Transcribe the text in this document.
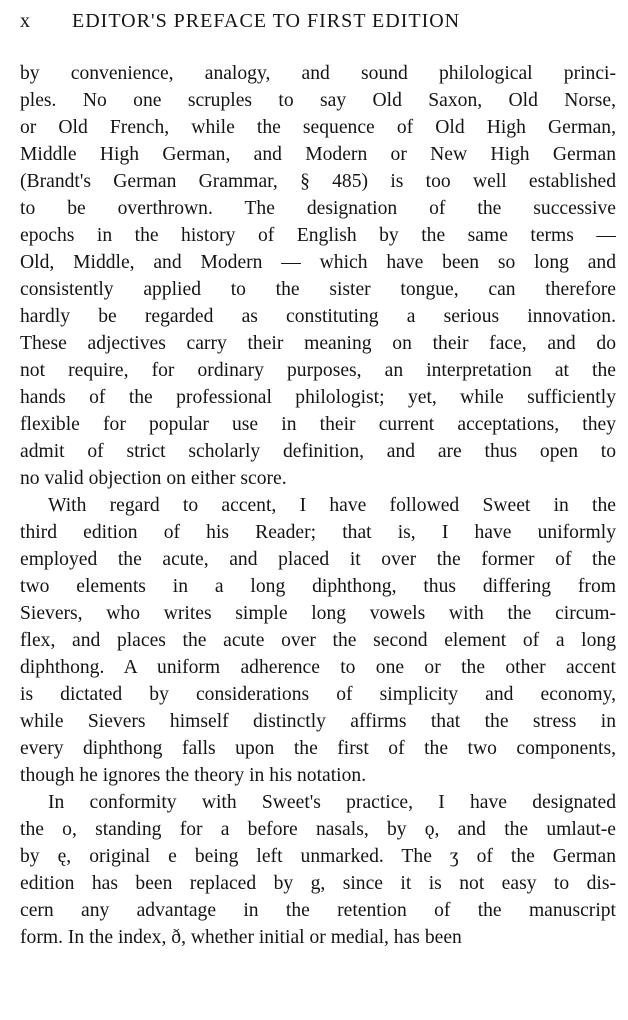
x	EDITOR'S PREFACE TO FIRST EDITION
by convenience, analogy, and sound philological princi-
ples. No one scruples to say Old Saxon, Old Norse,
or Old French, while the sequence of Old High German,
Middle High German, and Modern or New High German
(Brandt's German Grammar, § 485) is too well established
to be overthrown. The designation of the successive
epochs in the history of English by the same terms —
Old, Middle, and Modern — which have been so long and
consistently applied to the sister tongue, can therefore
hardly be regarded as constituting a serious innovation.
These adjectives carry their meaning on their face, and do
not require, for ordinary purposes, an interpretation at the
hands of the professional philologist; yet, while sufficiently
flexible for popular use in their current acceptations, they
admit of strict scholarly definition, and are thus open to
no valid objection on either score.
With regard to accent, I have followed Sweet in the
third edition of his Reader; that is, I have uniformly
employed the acute, and placed it over the former of the
two elements in a long diphthong, thus differing from
Sievers, who writes simple long vowels with the circum-
flex, and places the acute over the second element of a long
diphthong. A uniform adherence to one or the other accent
is dictated by considerations of simplicity and economy,
while Sievers himself distinctly affirms that the stress in
every diphthong falls upon the first of the two components,
though he ignores the theory in his notation.
In conformity with Sweet's practice, I have designated
the o, standing for a before nasals, by ǫ, and the umlaut-e
by ę, original e being left unmarked. The ʒ of the German
edition has been replaced by g, since it is not easy to dis-
cern any advantage in the retention of the manuscript
form. In the index, ð, whether initial or medial, has been
